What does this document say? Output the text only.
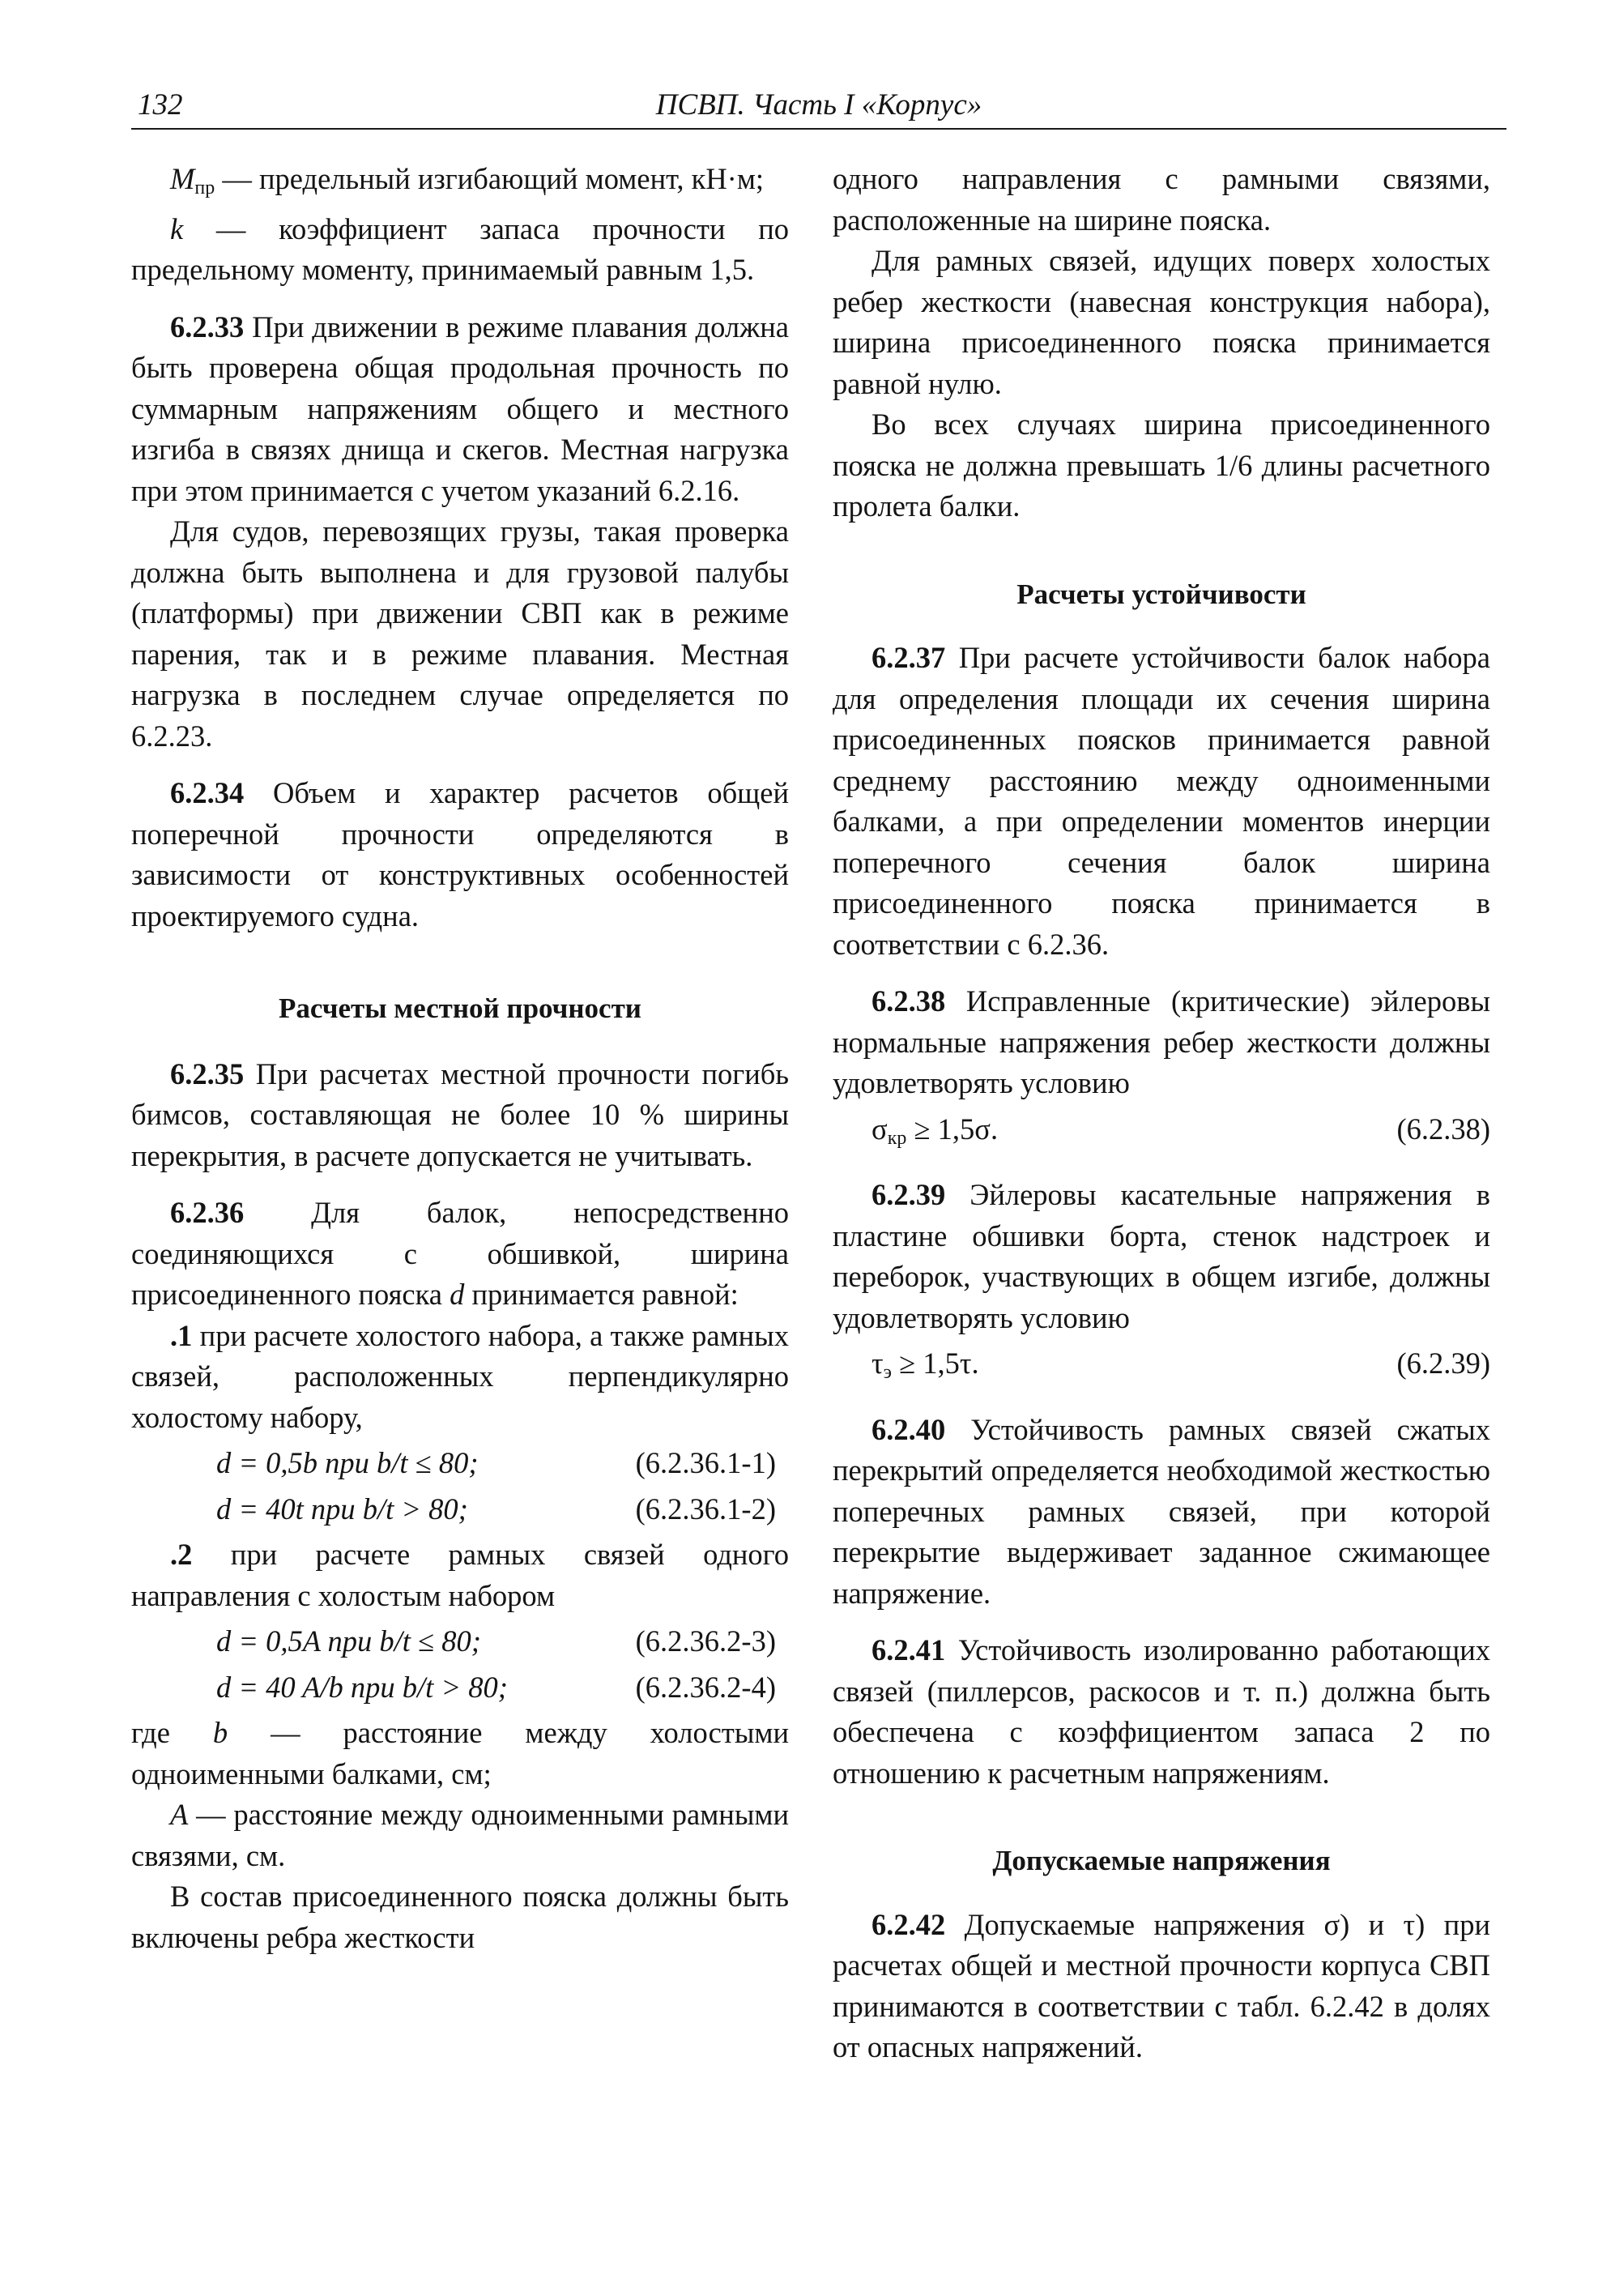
132	ПСВП. Часть I «Корпус»

$M_{пр}$ — предельный изгибающий момент, кН·м;

k — коэффициент запаса прочности по предельному моменту, принимаемый равным 1,5.

6.2.33 При движении в режиме плавания должна быть проверена общая продольная прочность по суммарным напряжениям общего и местного изгиба в связях днища и скегов. Местная нагрузка при этом принимается с учетом указаний 6.2.16.

Для судов, перевозящих грузы, такая проверка должна быть выполнена и для грузовой палубы (платформы) при движении СВП как в режиме парения, так и в режиме плавания. Местная нагрузка в последнем случае определяется по 6.2.23.

6.2.34 Объем и характер расчетов общей поперечной прочности определяются в зависимости от конструктивных особенностей проектируемого судна.

Расчеты местной прочности

6.2.35 При расчетах местной прочности погибь бимсов, составляющая не более 10 % ширины перекрытия, в расчете допускается не учитывать.

6.2.36 Для балок, непосредственно соединяющихся с обшивкой, ширина присоединенного пояска d принимается равной:

.1 при расчете холостого набора, а также рамных связей, расположенных перпендикулярно холостому набору,

d = 0,5b при b/t ≤ 80;	(6.2.36.1-1)
d = 40t при b/t > 80;	(6.2.36.1-2)

.2 при расчете рамных связей одного направления с холостым набором

d = 0,5A при b/t ≤ 80;	(6.2.36.2-3)
d = 40 A/b при b/t > 80;	(6.2.36.2-4)

где b — расстояние между холостыми одноименными балками, см;

A — расстояние между одноименными рамными связями, см.

В состав присоединенного пояска должны быть включены ребра жесткости

одного направления с рамными связями, расположенные на ширине пояска.

Для рамных связей, идущих поверх холостых ребер жесткости (навесная конструкция набора), ширина присоединенного пояска принимается равной нулю.

Во всех случаях ширина присоединенного пояска не должна превышать 1/6 длины расчетного пролета балки.

Расчеты устойчивости

6.2.37 При расчете устойчивости балок набора для определения площади их сечения ширина присоединенных поясков принимается равной среднему расстоянию между одноименными балками, а при определении моментов инерции поперечного сечения балок ширина присоединенного пояска принимается в соответствии с 6.2.36.

6.2.38 Исправленные (критические) эйлеровы нормальные напряжения ребер жесткости должны удовлетворять условию

$\sigma_{кр} \ge 1,5\sigma$.	(6.2.38)

6.2.39 Эйлеровы касательные напряжения в пластине обшивки борта, стенок надстроек и переборок, участвующих в общем изгибе, должны удовлетворять условию

$\tau_э \ge 1,5\tau$.	(6.2.39)

6.2.40 Устойчивость рамных связей сжатых перекрытий определяется необходимой жесткостью поперечных рамных связей, при которой перекрытие выдерживает заданное сжимающее напряжение.

6.2.41 Устойчивость изолированно работающих связей (пиллерсов, раскосов и т. п.) должна быть обеспечена с коэффициентом запаса 2 по отношению к расчетным напряжениям.

Допускаемые напряжения

6.2.42 Допускаемые напряжения σ) и τ) при расчетах общей и местной прочности корпуса СВП принимаются в соответствии с табл. 6.2.42 в долях от опасных напряжений.
